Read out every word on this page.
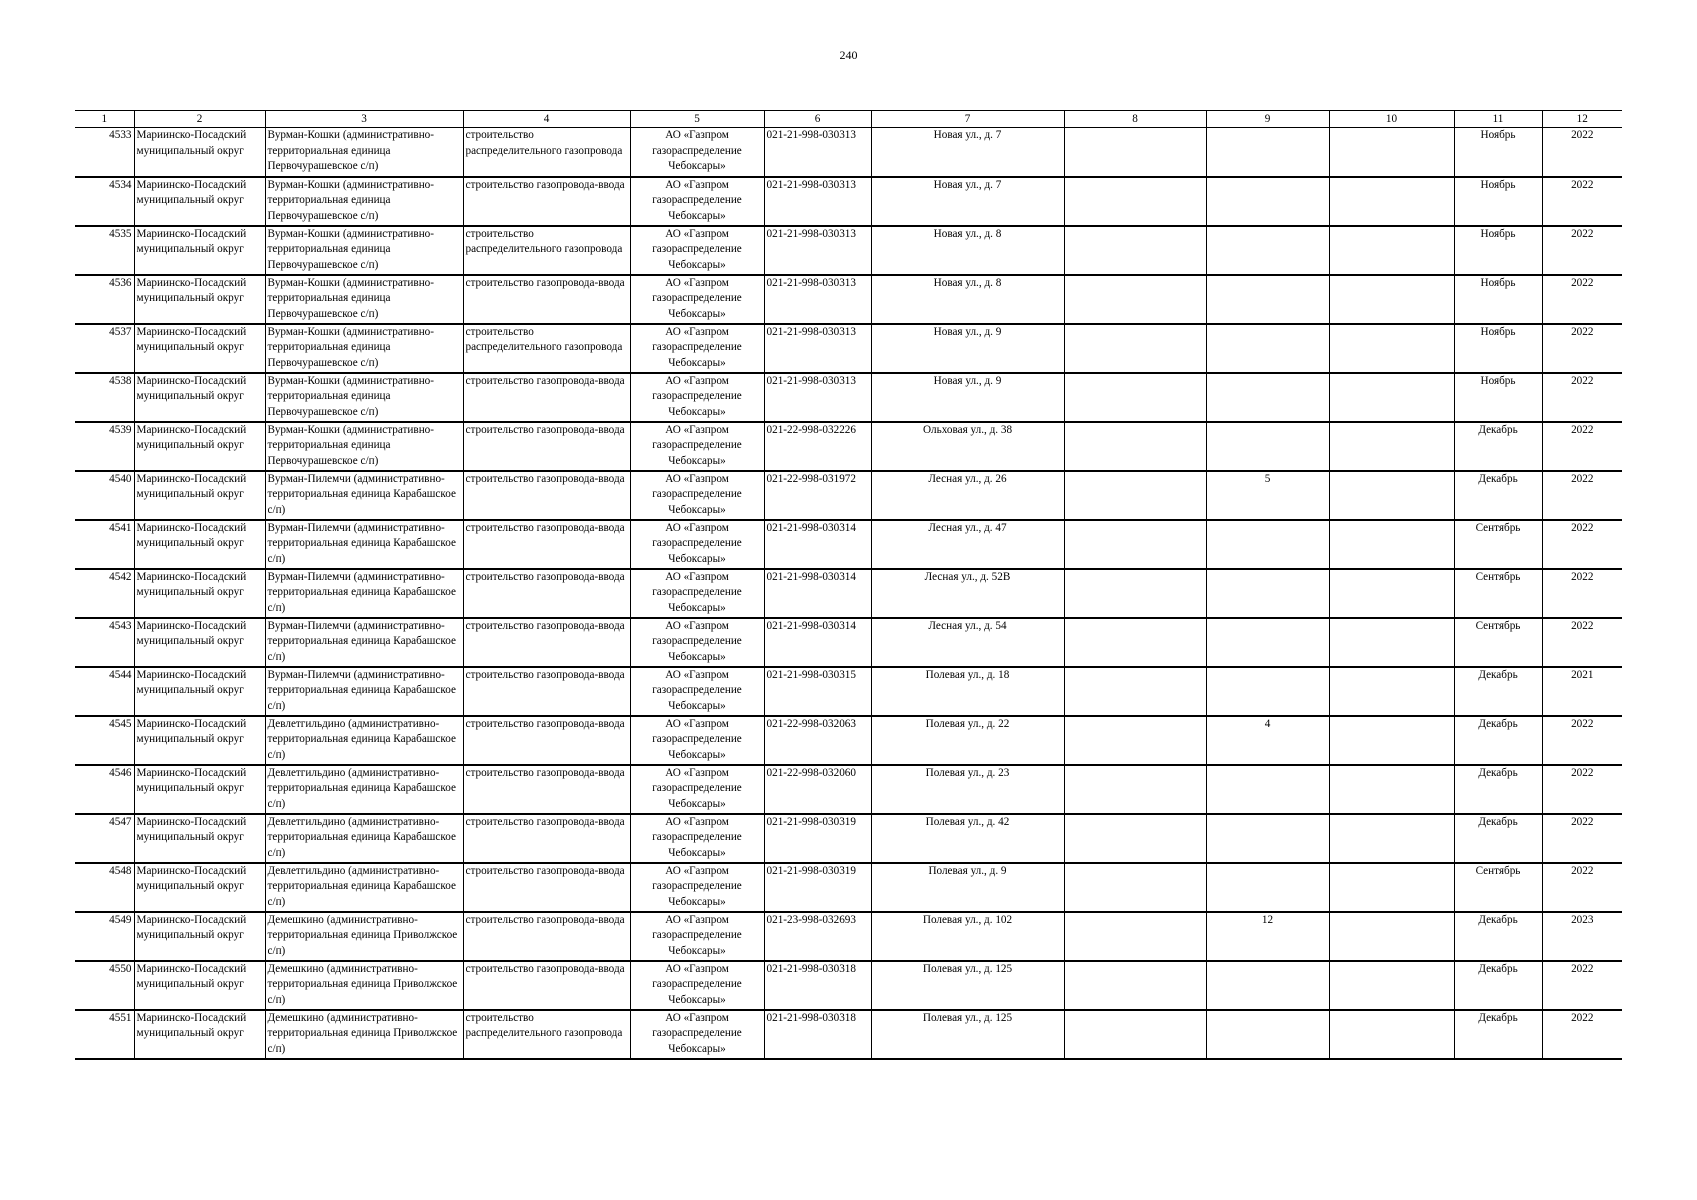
240
1	2	3	4	5	6	7	8	9	10	11	12
4533	Мариинско-Посадский муниципальный округ	Вурман-Кошки (административно-территориальная единица Первочурашевское с/п)	строительство распределительного газопровода	АО «Газпром газораспределение Чебоксары»	021-21-998-030313	Новая ул., д. 7				Ноябрь	2022
4534	Мариинско-Посадский муниципальный округ	Вурман-Кошки (административно-территориальная единица Первочурашевское с/п)	строительство газопровода-ввода	АО «Газпром газораспределение Чебоксары»	021-21-998-030313	Новая ул., д. 7				Ноябрь	2022
4535	Мариинско-Посадский муниципальный округ	Вурман-Кошки (административно-территориальная единица Первочурашевское с/п)	строительство распределительного газопровода	АО «Газпром газораспределение Чебоксары»	021-21-998-030313	Новая ул., д. 8				Ноябрь	2022
4536	Мариинско-Посадский муниципальный округ	Вурман-Кошки (административно-территориальная единица Первочурашевское с/п)	строительство газопровода-ввода	АО «Газпром газораспределение Чебоксары»	021-21-998-030313	Новая ул., д. 8				Ноябрь	2022
4537	Мариинско-Посадский муниципальный округ	Вурман-Кошки (административно-территориальная единица Первочурашевское с/п)	строительство распределительного газопровода	АО «Газпром газораспределение Чебоксары»	021-21-998-030313	Новая ул., д. 9				Ноябрь	2022
4538	Мариинско-Посадский муниципальный округ	Вурман-Кошки (административно-территориальная единица Первочурашевское с/п)	строительство газопровода-ввода	АО «Газпром газораспределение Чебоксары»	021-21-998-030313	Новая ул., д. 9				Ноябрь	2022
4539	Мариинско-Посадский муниципальный округ	Вурман-Кошки (административно-территориальная единица Первочурашевское с/п)	строительство газопровода-ввода	АО «Газпром газораспределение Чебоксары»	021-22-998-032226	Ольховая ул., д. 38				Декабрь	2022
4540	Мариинско-Посадский муниципальный округ	Вурман-Пилемчи (административно-территориальная единица Карабашское с/п)	строительство газопровода-ввода	АО «Газпром газораспределение Чебоксары»	021-22-998-031972	Лесная ул., д. 26		5		Декабрь	2022
4541	Мариинско-Посадский муниципальный округ	Вурман-Пилемчи (административно-территориальная единица Карабашское с/п)	строительство газопровода-ввода	АО «Газпром газораспределение Чебоксары»	021-21-998-030314	Лесная ул., д. 47				Сентябрь	2022
4542	Мариинско-Посадский муниципальный округ	Вурман-Пилемчи (административно-территориальная единица Карабашское с/п)	строительство газопровода-ввода	АО «Газпром газораспределение Чебоксары»	021-21-998-030314	Лесная ул., д. 52В				Сентябрь	2022
4543	Мариинско-Посадский муниципальный округ	Вурман-Пилемчи (административно-территориальная единица Карабашское с/п)	строительство газопровода-ввода	АО «Газпром газораспределение Чебоксары»	021-21-998-030314	Лесная ул., д. 54				Сентябрь	2022
4544	Мариинско-Посадский муниципальный округ	Вурман-Пилемчи (административно-территориальная единица Карабашское с/п)	строительство газопровода-ввода	АО «Газпром газораспределение Чебоксары»	021-21-998-030315	Полевая ул., д. 18				Декабрь	2021
4545	Мариинско-Посадский муниципальный округ	Девлетгильдино (административно-территориальная единица Карабашское с/п)	строительство газопровода-ввода	АО «Газпром газораспределение Чебоксары»	021-22-998-032063	Полевая ул., д. 22		4		Декабрь	2022
4546	Мариинско-Посадский муниципальный округ	Девлетгильдино (административно-территориальная единица Карабашское с/п)	строительство газопровода-ввода	АО «Газпром газораспределение Чебоксары»	021-22-998-032060	Полевая ул., д. 23				Декабрь	2022
4547	Мариинско-Посадский муниципальный округ	Девлетгильдино (административно-территориальная единица Карабашское с/п)	строительство газопровода-ввода	АО «Газпром газораспределение Чебоксары»	021-21-998-030319	Полевая ул., д. 42				Декабрь	2022
4548	Мариинско-Посадский муниципальный округ	Девлетгильдино (административно-территориальная единица Карабашское с/п)	строительство газопровода-ввода	АО «Газпром газораспределение Чебоксары»	021-21-998-030319	Полевая ул., д. 9				Сентябрь	2022
4549	Мариинско-Посадский муниципальный округ	Демешкино (административно-территориальная единица Приволжское с/п)	строительство газопровода-ввода	АО «Газпром газораспределение Чебоксары»	021-23-998-032693	Полевая ул., д. 102		12		Декабрь	2023
4550	Мариинско-Посадский муниципальный округ	Демешкино (административно-территориальная единица Приволжское с/п)	строительство газопровода-ввода	АО «Газпром газораспределение Чебоксары»	021-21-998-030318	Полевая ул., д. 125				Декабрь	2022
4551	Мариинско-Посадский муниципальный округ	Демешкино (административно-территориальная единица Приволжское с/п)	строительство распределительного газопровода	АО «Газпром газораспределение Чебоксары»	021-21-998-030318	Полевая ул., д. 125				Декабрь	2022
